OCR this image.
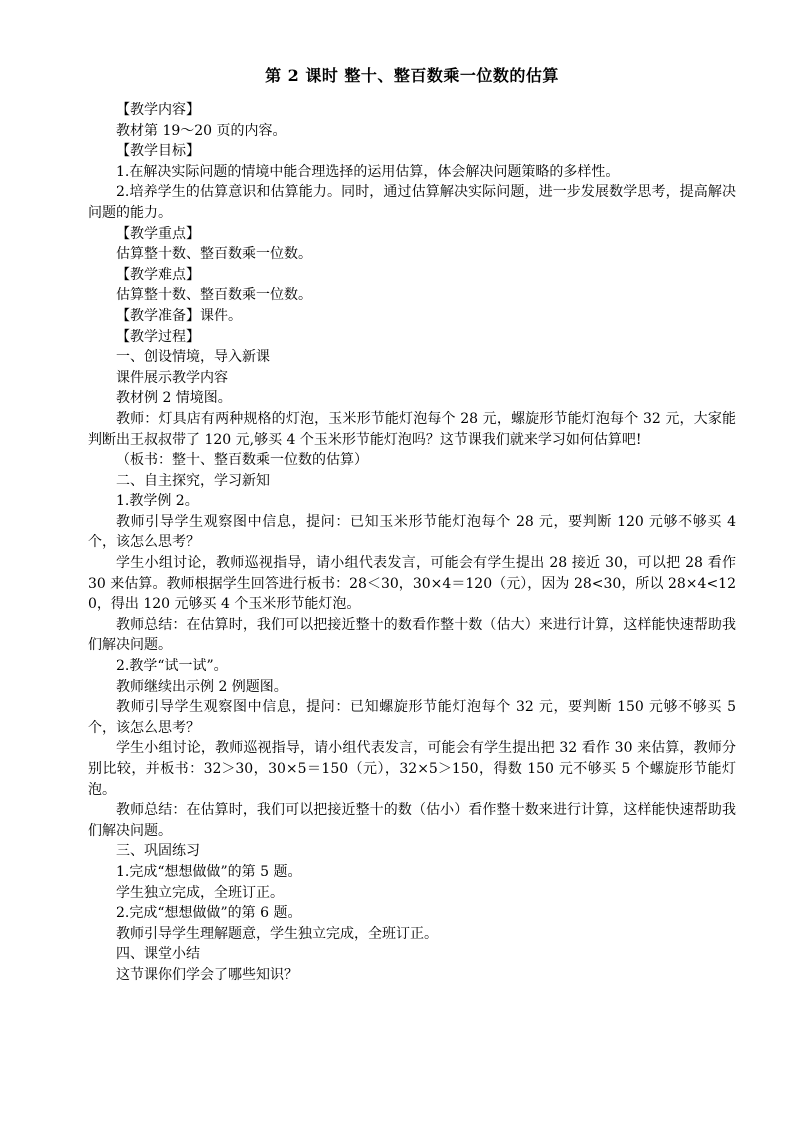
第 2 课时 整十、整百数乘一位数的估算

【教学内容】

教材第 19～20 页的内容。

【教学目标】

1.在解决实际问题的情境中能合理选择的运用估算，体会解决问题策略的多样性。

2.培养学生的估算意识和估算能力。同时，通过估算解决实际问题，进一步发展数学思考，提高解决问题的能力。

【教学重点】

估算整十数、整百数乘一位数。

【教学难点】

估算整十数、整百数乘一位数。

【教学准备】课件。

【教学过程】

一、创设情境，导入新课

课件展示教学内容

教材例 2 情境图。

教师：灯具店有两种规格的灯泡，玉米形节能灯泡每个 28 元，螺旋形节能灯泡每个 32 元，大家能判断出王叔叔带了 120 元,够买 4 个玉米形节能灯泡吗？这节课我们就来学习如何估算吧!

（板书：整十、整百数乘一位数的估算）

二、自主探究，学习新知

1.教学例 2。

教师引导学生观察图中信息，提问：已知玉米形节能灯泡每个 28 元，要判断 120 元够不够买 4 个，该怎么思考？

学生小组讨论，教师巡视指导，请小组代表发言，可能会有学生提出 28 接近 30，可以把 28 看作 30 来估算。教师根据学生回答进行板书：28＜30，30×4＝120（元），因为 28<30，所以 28×4<120，得出 120 元够买 4 个玉米形节能灯泡。

教师总结：在估算时，我们可以把接近整十的数看作整十数（估大）来进行计算，这样能快速帮助我们解决问题。

2.教学“试一试”。

教师继续出示例 2 例题图。

教师引导学生观察图中信息，提问：已知螺旋形节能灯泡每个 32 元，要判断 150 元够不够买 5 个，该怎么思考？

学生小组讨论，教师巡视指导，请小组代表发言，可能会有学生提出把 32 看作 30 来估算，教师分别比较，并板书：32＞30，30×5＝150（元），32×5＞150，得数 150 元不够买 5 个螺旋形节能灯泡。

教师总结：在估算时，我们可以把接近整十的数（估小）看作整十数来进行计算，这样能快速帮助我们解决问题。

三、巩固练习

1.完成“想想做做”的第 5 题。

学生独立完成，全班订正。

2.完成“想想做做”的第 6 题。

教师引导学生理解题意，学生独立完成，全班订正。

四、课堂小结

这节课你们学会了哪些知识？
